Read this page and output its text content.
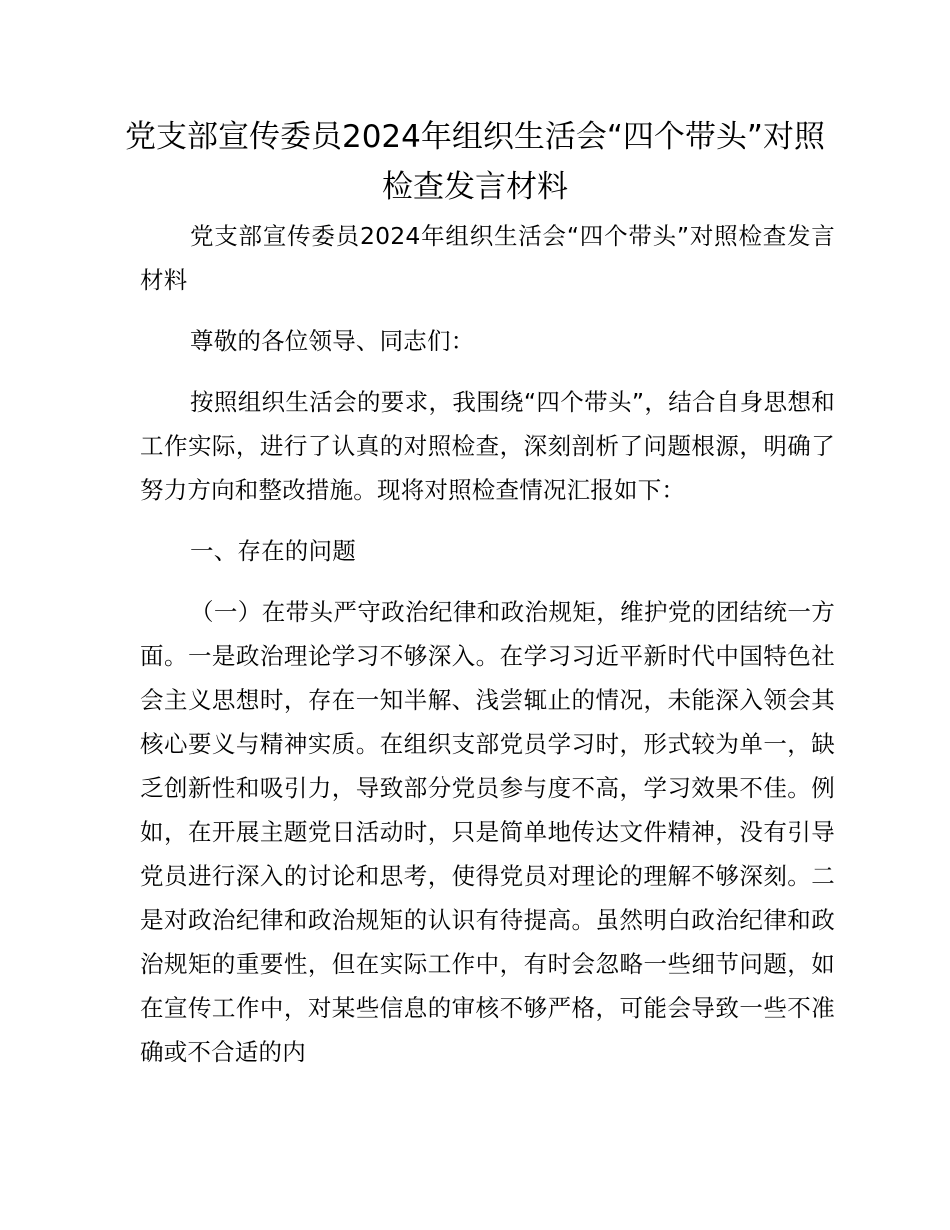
党支部宣传委员2024年组织生活会“四个带头”对照检查发言材料

党支部宣传委员2024年组织生活会“四个带头”对照检查发言材料

尊敬的各位领导、同志们：

按照组织生活会的要求，我围绕“四个带头”，结合自身思想和工作实际，进行了认真的对照检查，深刻剖析了问题根源，明确了努力方向和整改措施。现将对照检查情况汇报如下：

一、存在的问题

（一）在带头严守政治纪律和政治规矩，维护党的团结统一方面。一是政治理论学习不够深入。在学习习近平新时代中国特色社会主义思想时，存在一知半解、浅尝辄止的情况，未能深入领会其核心要义与精神实质。在组织支部党员学习时，形式较为单一，缺乏创新性和吸引力，导致部分党员参与度不高，学习效果不佳。例如，在开展主题党日活动时，只是简单地传达文件精神，没有引导党员进行深入的讨论和思考，使得党员对理论的理解不够深刻。二是对政治纪律和政治规矩的认识有待提高。虽然明白政治纪律和政治规矩的重要性，但在实际工作中，有时会忽略一些细节问题，如在宣传工作中，对某些信息的审核不够严格，可能会导致一些不准确或不合适的内
